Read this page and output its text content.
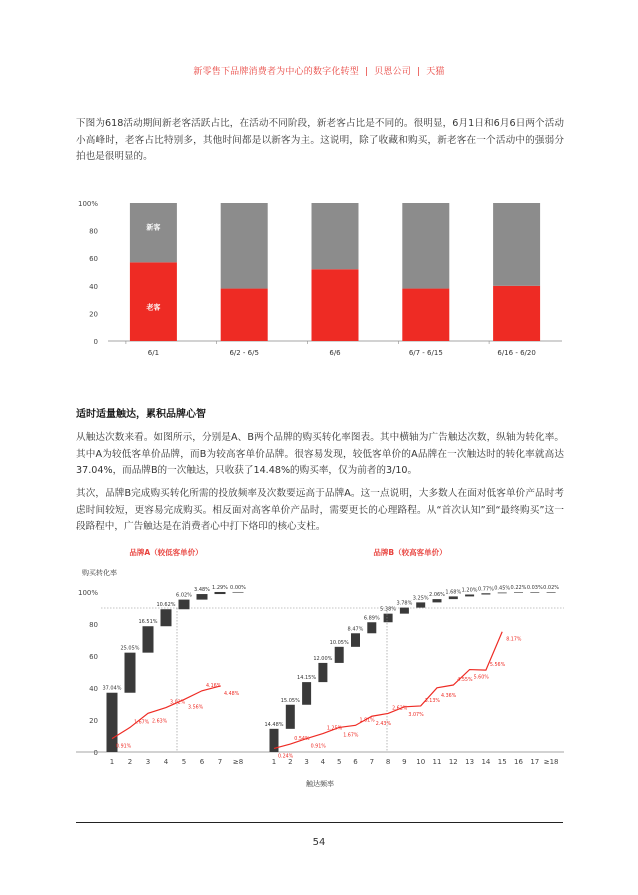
新零售下品牌消费者为中心的数字化转型 | 贝恩公司 | 天猫
下图为618活动期间新老客活跃占比，在活动不同阶段，新老客占比是不同的。很明显，6月1日和6月6日两个活动小高峰时，老客占比特别多，其他时间都是以新客为主。这说明，除了收藏和购买，新老客在一个活动中的强弱分拍也是很明显的。
100%
80
60
40
20
0
6/1	6/2 - 6/5	6/6	6/7 - 6/15	6/16 - 6/20
新客
老客
适时适量触达，累积品牌心智
从触达次数来看。如图所示，分别是A、B两个品牌的购买转化率图表。其中横轴为广告触达次数，纵轴为转化率。其中A为较低客单价品牌，而B为较高客单价品牌。很容易发现，较低客单价的A品牌在一次触达时的转化率就高达37.04%，而品牌B的一次触达，只收获了14.48%的购买率，仅为前者的3/10。
其次，品牌B完成购买转化所需的投放频率及次数要远高于品牌A。这一点说明，大多数人在面对低客单价产品时考虑时间较短，更容易完成购买。相反面对高客单价产品时，需要更长的心理路程。从“首次认知”到“最终购买”这一段路程中，广告触达是在消费者心中打下烙印的核心支柱。
100%
80
60
40
20
0
购买转化率
品牌A（较低客单价）	品牌B（较高客单价）
触达频率
37.04%
1
25.05%
2
16.51%
3
10.62%
4
6.02%
5
3.48%
6
1.29%
7
0.00%
≥8
0.91%
1.67% 2.63%
3.02%
3.56%
4.16%
4.48%
14.48%
1
15.05%
2
14.15%
3
12.00%
4
10.05%
5
8.47%
6
6.89%
7
5.38%
8
3.78%
9
3.25%
10
2.06%
11
1.68%
12
1.20%
13
0.77%
14
0.45%
15
0.22%
16
0.03%
17
0.02%
≥18
0.24%
0.54%
0.91%
1.25%
1.67%
1.81%
2.43%
2.62%
3.07%
3.13%
4.36%
4.55% 5.60%
5.56%
8.17%
54
